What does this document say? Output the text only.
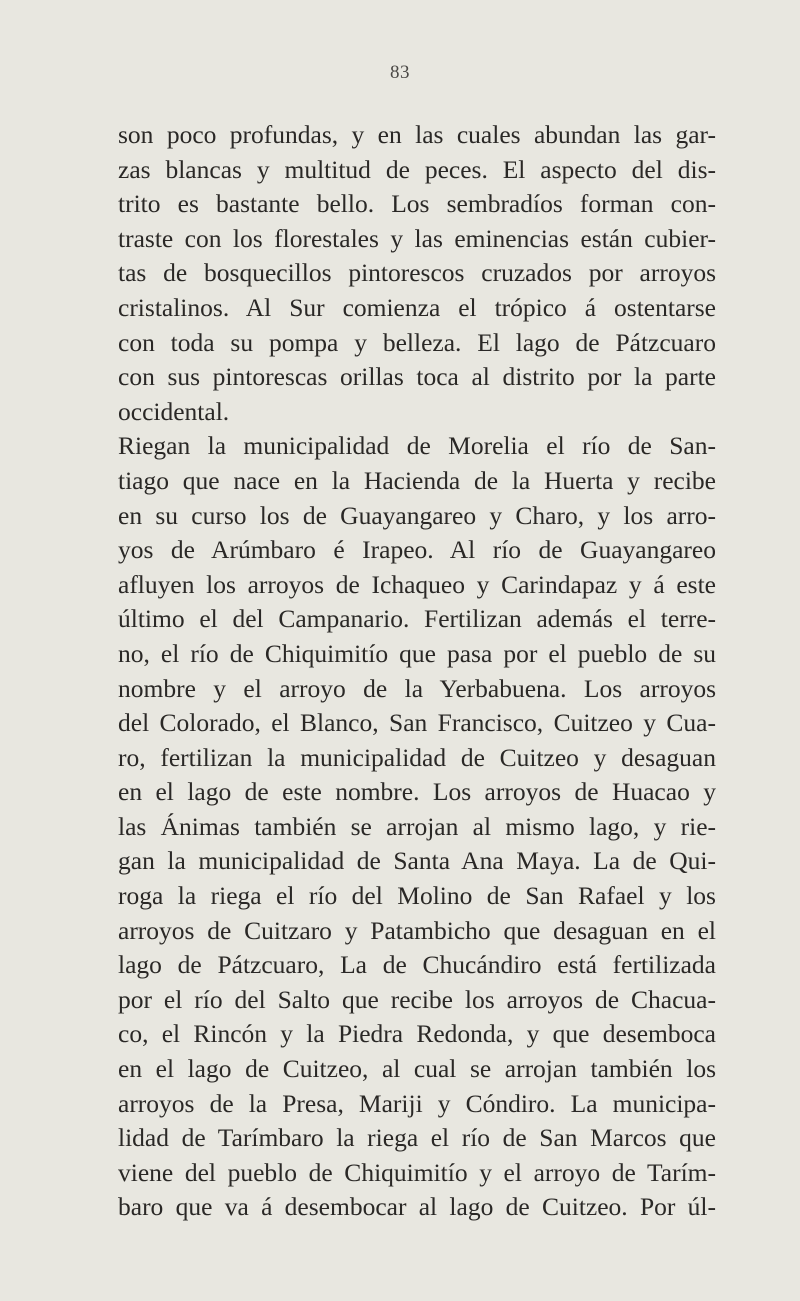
83
son poco profundas, y en las cuales abundan las gar-
zas blancas y multitud de peces. El aspecto del dis-
trito es bastante bello. Los sembradíos forman con-
traste con los florestales y las eminencias están cubier-
tas de bosquecillos pintorescos cruzados por arroyos
cristalinos. Al Sur comienza el trópico á ostentarse
con toda su pompa y belleza. El lago de Pátzcuaro
con sus pintorescas orillas toca al distrito por la parte
occidental.
Riegan la municipalidad de Morelia el río de San-
tiago que nace en la Hacienda de la Huerta y recibe
en su curso los de Guayangareo y Charo, y los arro-
yos de Arúmbaro é Irapeo. Al río de Guayangareo
afluyen los arroyos de Ichaqueo y Carindapaz y á este
último el del Campanario. Fertilizan además el terre-
no, el río de Chiquimitío que pasa por el pueblo de su
nombre y el arroyo de la Yerbabuena. Los arroyos
del Colorado, el Blanco, San Francisco, Cuitzeo y Cua-
ro, fertilizan la municipalidad de Cuitzeo y desaguan
en el lago de este nombre. Los arroyos de Huacao y
las Ánimas también se arrojan al mismo lago, y rie-
gan la municipalidad de Santa Ana Maya. La de Qui-
roga la riega el río del Molino de San Rafael y los
arroyos de Cuitzaro y Patambicho que desaguan en el
lago de Pátzcuaro, La de Chucándiro está fertilizada
por el río del Salto que recibe los arroyos de Chacua-
co, el Rincón y la Piedra Redonda, y que desemboca
en el lago de Cuitzeo, al cual se arrojan también los
arroyos de la Presa, Mariji y Cóndiro. La municipa-
lidad de Tarímbaro la riega el río de San Marcos que
viene del pueblo de Chiquimitío y el arroyo de Tarím-
baro que va á desembocar al lago de Cuitzeo. Por úl-
